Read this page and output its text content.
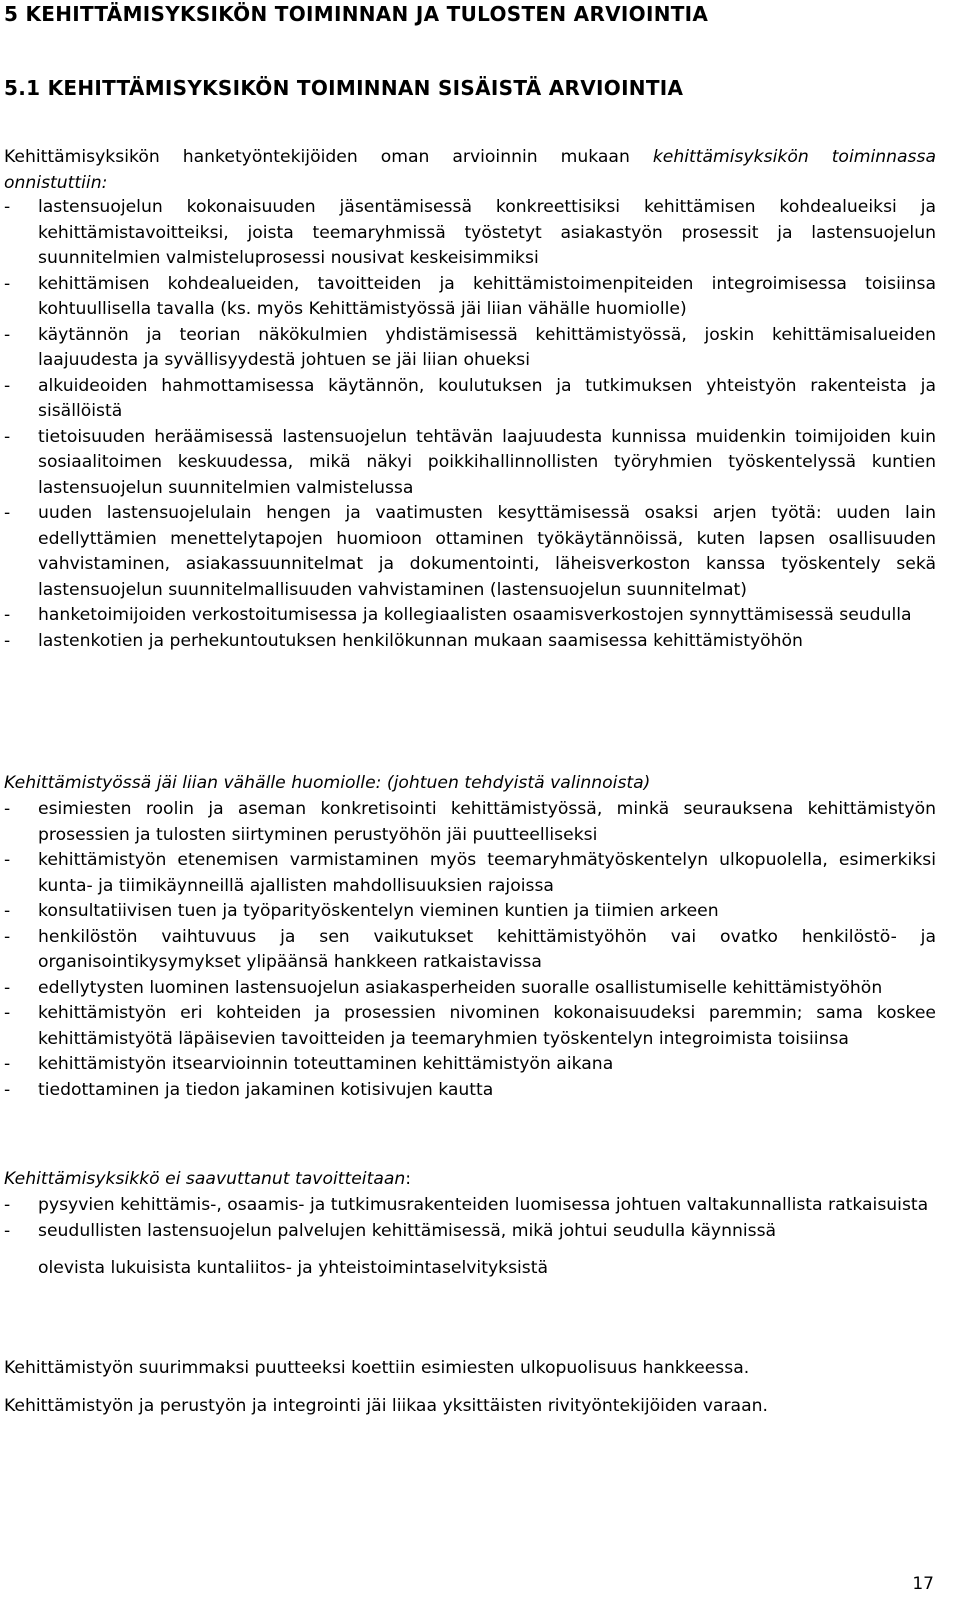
5 KEHITTÄMISYKSIKÖN TOIMINNAN JA TULOSTEN ARVIOINTIA
5.1 KEHITTÄMISYKSIKÖN TOIMINNAN SISÄISTÄ ARVIOINTIA
Kehittämisyksikön hanketyöntekijöiden oman arvioinnin mukaan kehittämisyksikön toiminnassa onnistuttiin:
- lastensuojelun kokonaisuuden jäsentämisessä konkreettisiksi kehittämisen kohdealueiksi ja kehittämistavoitteiksi, joista teemaryhmissä työstetyt asiakastyön prosessit ja lastensuojelun suunnitelmien valmisteluprosessi nousivat keskeisimmiksi
- kehittämisen kohdealueiden, tavoitteiden ja kehittämistoimenpiteiden integroimisessa toisiinsa kohtuullisella tavalla (ks. myös Kehittämistyössä jäi liian vähälle huomiolle)
- käytännön ja teorian näkökulmien yhdistämisessä kehittämistyössä, joskin kehittämisalueiden laajuudesta ja syvällisyydestä johtuen se jäi liian ohueksi
- alkuideoiden hahmottamisessa käytännön, koulutuksen ja tutkimuksen yhteistyön rakenteista ja sisällöistä
- tietoisuuden heräämisessä lastensuojelun tehtävän laajuudesta kunnissa muidenkin toimijoiden kuin sosiaalitoimen keskuudessa, mikä näkyi poikkihallinnollisten työryhmien työskentelyssä kuntien lastensuojelun suunnitelmien valmistelussa
- uuden lastensuojelulain hengen ja vaatimusten kesyttämisessä osaksi arjen työtä: uuden lain edellyttämien menettelytapojen huomioon ottaminen työkäytännöissä, kuten lapsen osallisuuden vahvistaminen, asiakassuunnitelmat ja dokumentointi, läheisverkoston kanssa työskentely sekä lastensuojelun suunnitelmallisuuden vahvistaminen (lastensuojelun suunnitelmat)
- hanketoimijoiden verkostoitumisessa ja kollegiaalisten osaamisverkostojen synnyttämisessä seudulla
- lastenkotien ja perhekuntoutuksen henkilökunnan mukaan saamisessa kehittämistyöhön
Kehittämistyössä jäi liian vähälle huomiolle: (johtuen tehdyistä valinnoista)
- esimiesten roolin ja aseman konkretisointi kehittämistyössä, minkä seurauksena kehittämistyön prosessien ja tulosten siirtyminen perustyöhön jäi puutteelliseksi
- kehittämistyön etenemisen varmistaminen myös teemaryhmätyöskentelyn ulkopuolella, esimerkiksi kunta- ja tiimikäynneillä ajallisten mahdollisuuksien rajoissa
- konsultatiivisen tuen ja työparityöskentelyn vieminen kuntien ja tiimien arkeen
- henkilöstön vaihtuvuus ja sen vaikutukset kehittämistyöhön vai ovatko henkilöstö- ja organisointikysymykset ylipäänsä hankkeen ratkaistavissa
- edellytysten luominen lastensuojelun asiakasperheiden suoralle osallistumiselle kehittämistyöhön
- kehittämistyön eri kohteiden ja prosessien nivominen kokonaisuudeksi paremmin; sama koskee kehittämistyötä läpäisevien tavoitteiden ja teemaryhmien työskentelyn integroimista toisiinsa
- kehittämistyön itsearvioinnin toteuttaminen kehittämistyön aikana
- tiedottaminen ja tiedon jakaminen kotisivujen kautta
Kehittämisyksikkö ei saavuttanut tavoitteitaan:
- pysyvien kehittämis-, osaamis- ja tutkimusrakenteiden luomisessa johtuen valtakunnallista ratkaisuista
- seudullisten lastensuojelun palvelujen kehittämisessä, mikä johtui seudulla käynnissä
olevista lukuisista kuntaliitos- ja yhteistoimintaselvityksistä
Kehittämistyön suurimmaksi puutteeksi koettiin esimiesten ulkopuolisuus hankkeessa.
Kehittämistyön ja perustyön ja integrointi jäi liikaa yksittäisten rivityöntekijöiden varaan.
17
